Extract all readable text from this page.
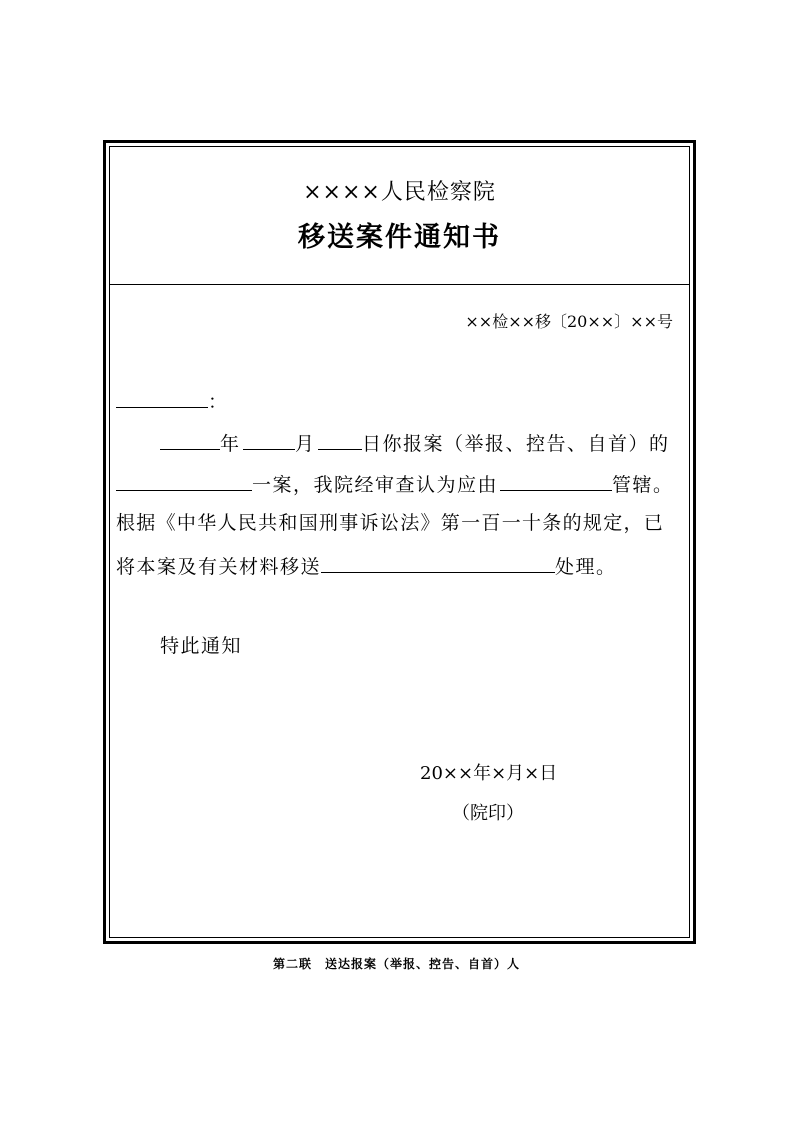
××××人民检察院
移送案件通知书
××检××移〔20××〕××号
：
年	月	日你报案（举报、控告、自首）的
一案，我院经审查认为应由	管辖。
根据《中华人民共和国刑事诉讼法》第一百一十条的规定，已
将本案及有关材料移送	处理。
特此通知
20××年×月×日
（院印）
第二联　送达报案（举报、控告、自首）人
